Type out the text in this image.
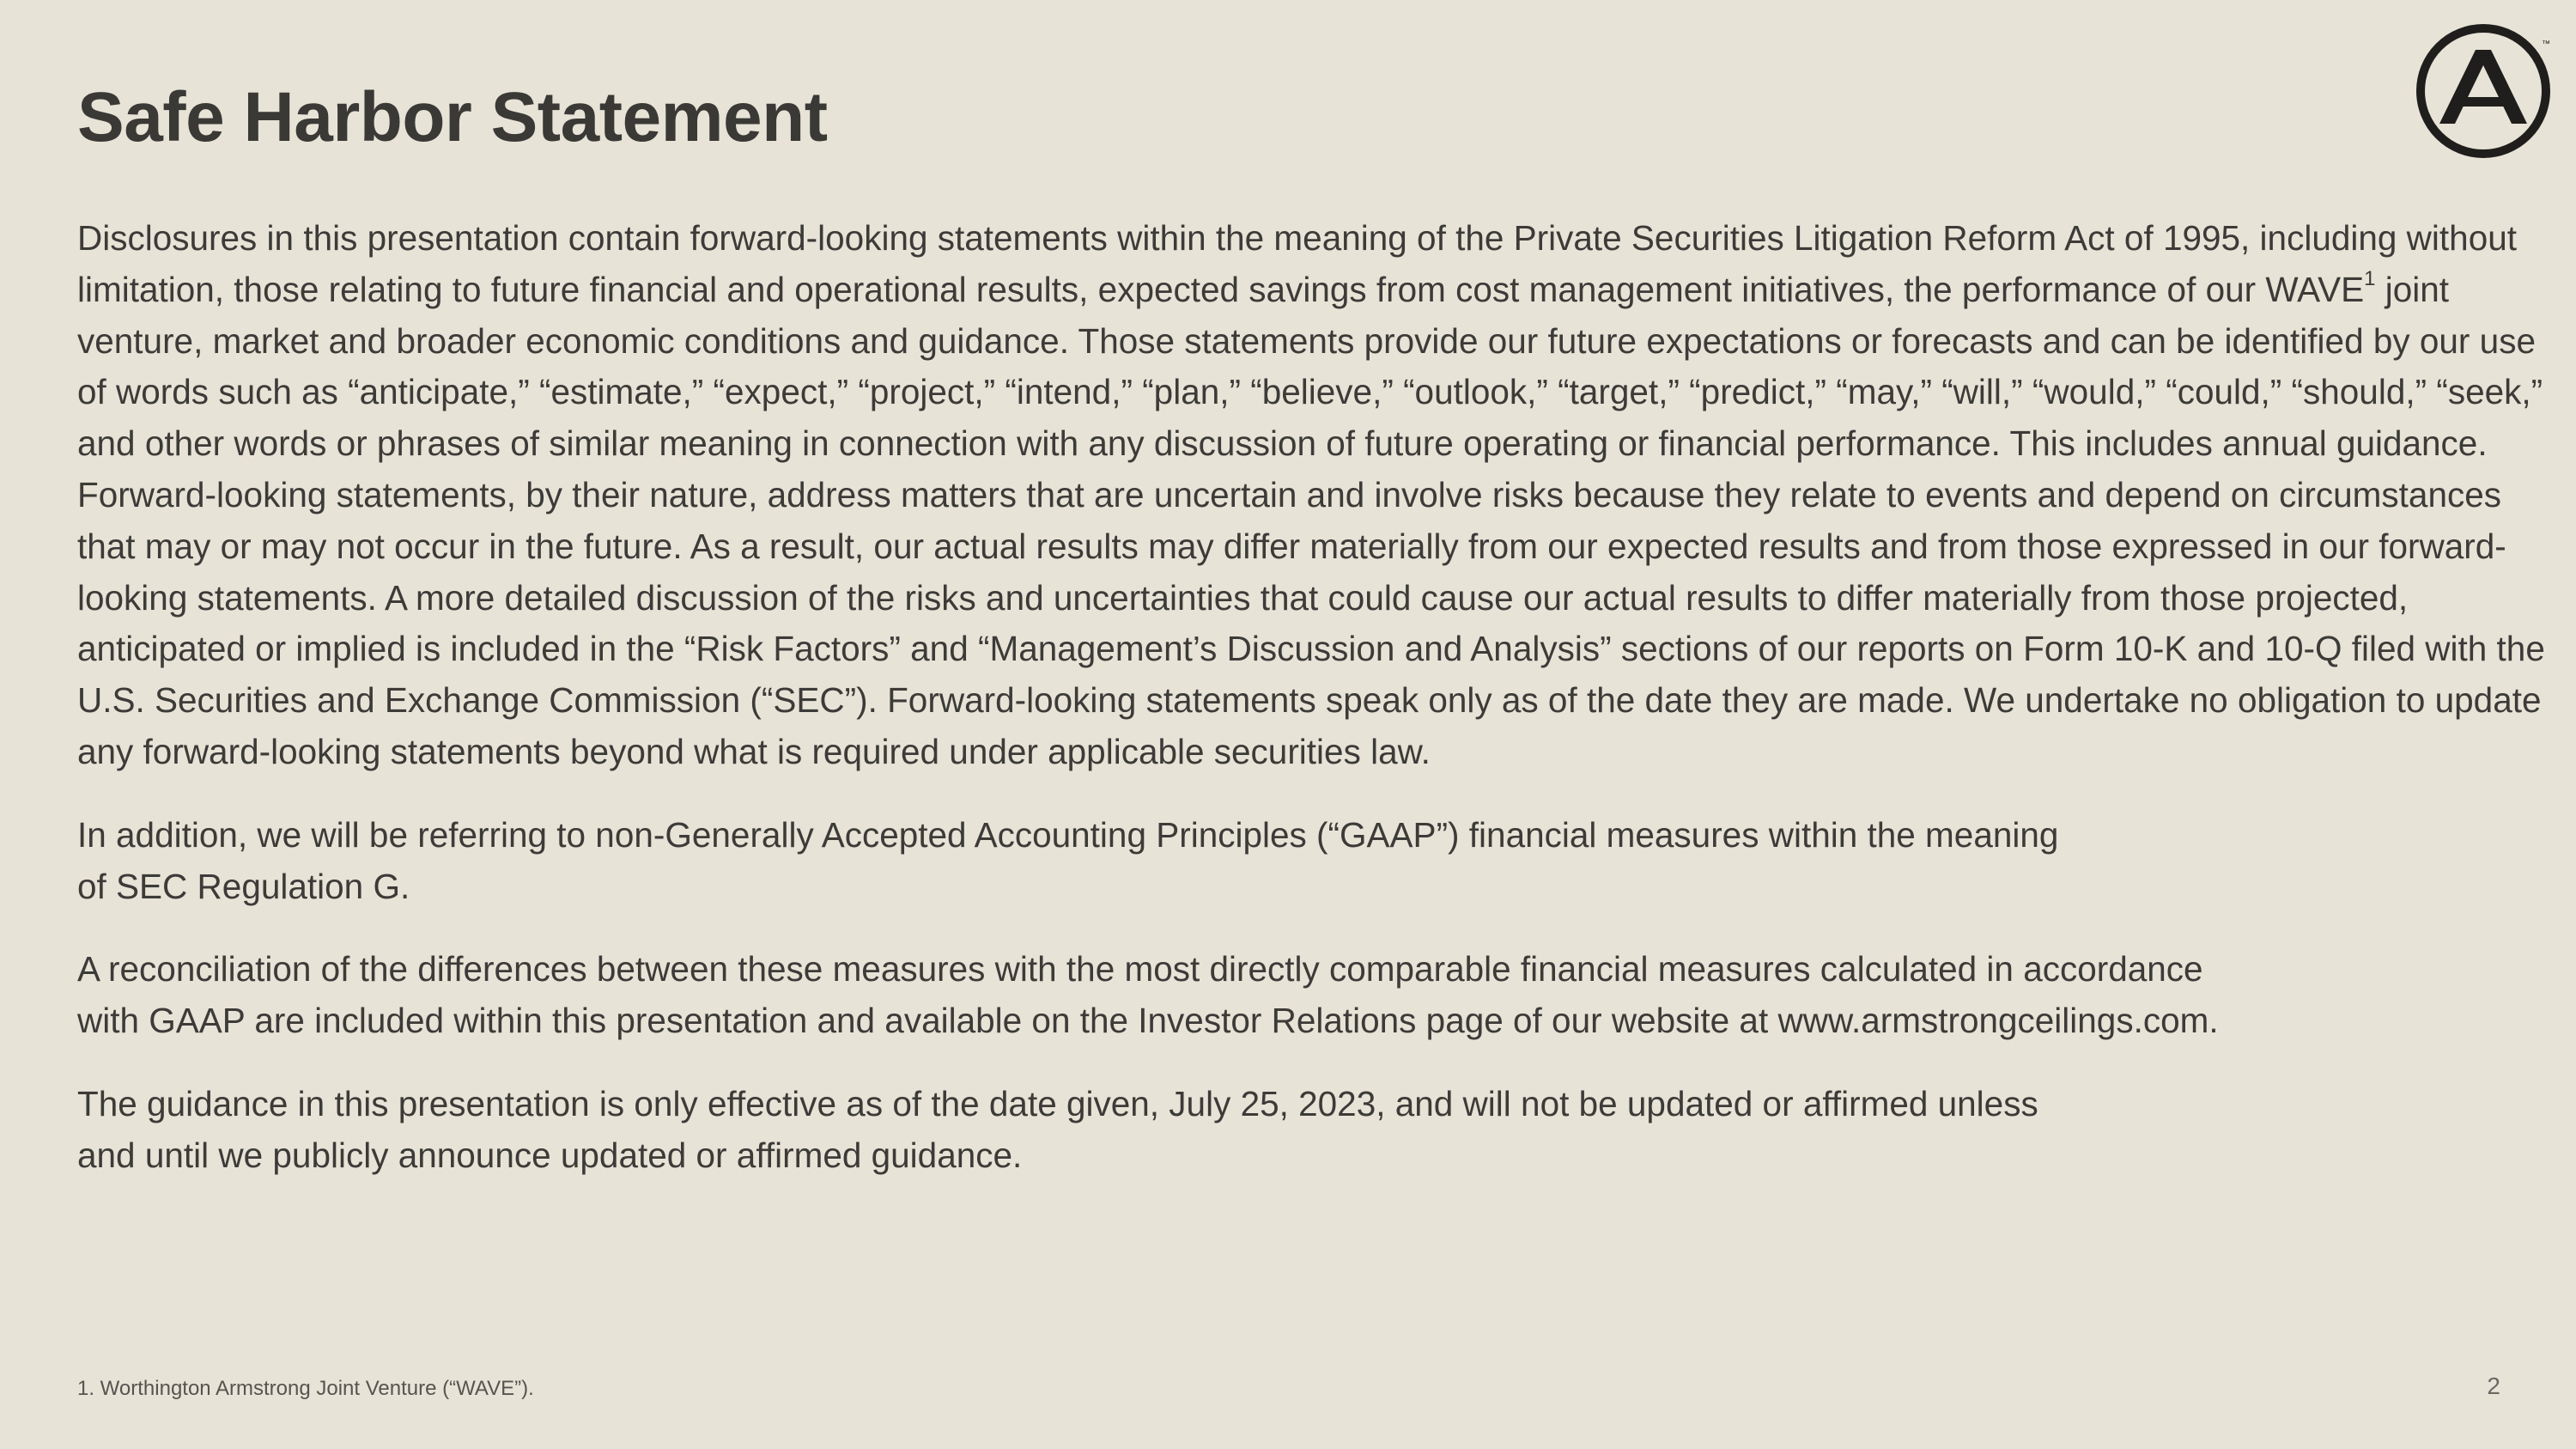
Safe Harbor Statement
™

Disclosures in this presentation contain forward-looking statements within the meaning of the Private Securities Litigation Reform Act of 1995, including without limitation, those relating to future financial and operational results, expected savings from cost management initiatives, the performance of our WAVE$^1$ joint venture, market and broader economic conditions and guidance. Those statements provide our future expectations or forecasts and can be identified by our use of words such as “anticipate,” “estimate,” “expect,” “project,” “intend,” “plan,” “believe,” “outlook,” “target,” “predict,” “may,” “will,” “would,” “could,” “should,” “seek,” and other words or phrases of similar meaning in connection with any discussion of future operating or financial performance. This includes annual guidance. Forward-looking statements, by their nature, address matters that are uncertain and involve risks because they relate to events and depend on circumstances that may or may not occur in the future. As a result, our actual results may differ materially from our expected results and from those expressed in our forward-looking statements. A more detailed discussion of the risks and uncertainties that could cause our actual results to differ materially from those projected, anticipated or implied is included in the “Risk Factors” and “Management’s Discussion and Analysis” sections of our reports on Form 10-K and 10-Q filed with the U.S. Securities and Exchange Commission (“SEC”). Forward-looking statements speak only as of the date they are made. We undertake no obligation to update any forward-looking statements beyond what is required under applicable securities law.

In addition, we will be referring to non-Generally Accepted Accounting Principles (“GAAP”) financial measures within the meaning
of SEC Regulation G.

A reconciliation of the differences between these measures with the most directly comparable financial measures calculated in accordance
with GAAP are included within this presentation and available on the Investor Relations page of our website at www.armstrongceilings.com.

The guidance in this presentation is only effective as of the date given, July 25, 2023, and will not be updated or affirmed unless
and until we publicly announce updated or affirmed guidance.

1. Worthington Armstrong Joint Venture (“WAVE”).	2
